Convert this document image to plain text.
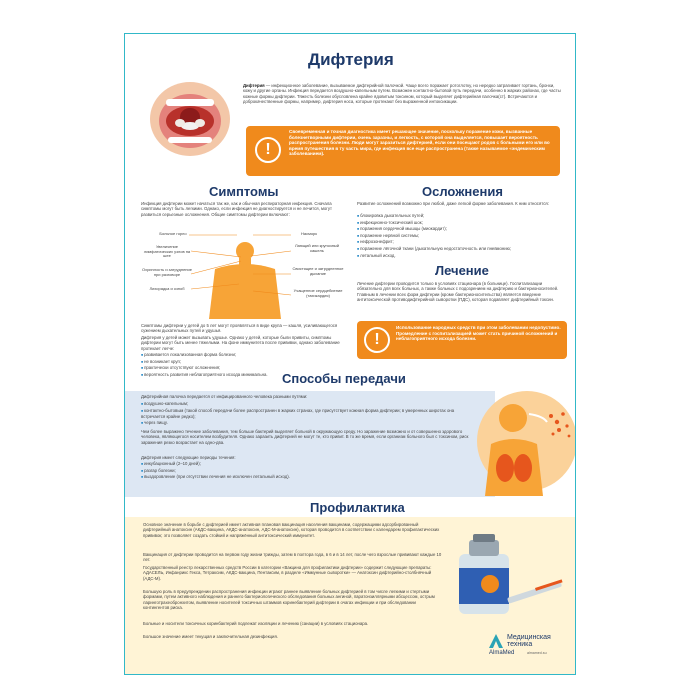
Дифтерия
Дифтерия — инфекционное заболевание, вызываемое дифтерийной палочкой. Чаще всего поражает ротоглотку, но нередко затрагивает гортань, бронхи, кожу и другие органы. Инфекция передается воздушно-капельным путем. Возможен контактно-бытовой путь передачи, особенно в жарких районах, где часты кожные формы дифтерии. Тяжесть болезни обусловлена крайне ядовитым токсином, который выделяет дифтерийная палочка(ст). Встречаются и доброкачественные формы, например, дифтерия носа, которые протекают без выраженной интоксикации.
!
Своевременная и точная диагностика имеет решающее значение, поскольку поражение кожи, вызванные болезнетворными дифтерии, очень заразны, и легкость, с которой она выделяется, повышает вероятность распространения болезни. Люди могут заразиться дифтерией, если они посещают родов с больными его или во время путешествия в ту часть мира, где инфекция все еще распространена (также называемое «эндемическим заболеванием).
Симптомы
Инфекция дифтерии может начаться так же, как и обычная респираторная инфекция. Сначала симптомы могут быть легкими. Однако, если инфекция не диагностируется и не лечится, могут развиться серьезные осложнения. Общие симптомы дифтерии включают:
Больное горло
Увеличение лимфатических узлов на шее
Охриплость и затруднение при разговоре
Лихорадка и озноб
Насморк
Лающий или крупозный кашель
Свистящее и затрудненное дыхание
Учащенное сердцебиение (тахикардия)
Симптомы дифтерии у детей до 5 лет могут проявляться в виде крупа — кашля, усиливающегося сужением дыхательных путей и удушья.
Дифтерия у детей может вызывать удушье. Однако у детей, которые были привиты, симптомы дифтерии могут быть менее тяжелыми. На фоне иммунитета после прививки, однако заболевание протекает легче:
■ развивается локализованная форма болезни;
■ не возникает круп;
■ практически отсутствуют осложнения;
■ вероятность развития неблагоприятного исхода минимальна.
Осложнения
Развитие осложнений возможно при любой, даже легкой форме заболевания. К ним относятся:
■ блокировка дыхательных путей;
■ инфекционно-токсический шок;
■ поражения сердечной мышцы (миокардит);
■ поражение нервной системы;
■ нефрозонефрит;
■ поражение лёгочной ткани (дыхательную недостаточность или пневмонию;
■ летальный исход.
Лечение
Лечение дифтерии проводится только в условиях стационара (в больнице). Госпитализации обязательно для всех больных, а также больных с подозрением на дифтерию и бактерионосителей. Главным в лечении всех форм дифтерии (кроме бактерионосительства) является введение антитоксической противодифтерийной сыворотки (ПДС), которая подавляет дифтерийный токсин.
!
Использование народных средств при этом заболевании недопустимо. Промедление с госпитализацией может стать причиной осложнений и неблагоприятного исхода болезни.
Способы передачи
Дифтерийная палочка передается от инфицированного человека разными путями:
■ воздушно-капельным;
■ контактно-бытовым (такой способ передачи более распространен в жарких странах, где присутствует кожная форма дифтерии; в умеренных широтах она встречается крайне редко);
■ через пищу.
Чем более выражено течение заболевания, тем больше бактерий выделяет больной в окружающую среду. Но заражение возможно и от совершенно здорового человека, являющегося носителем возбудителя. Однако заразить дифтерией не могут те, кто привит. В то же время, если организм больного был с токсином, риск заражения резко возрастает на одно-два.
Дифтерия имеет следующие периоды течения:
■ инкубационный (2–10 дней);
■ разгар болезни;
■ выздоровление (при отсутствии лечения не исключен летальный исход).
Профилактика
Основное значение в борьбе с дифтерией имеет активная плановая вакцинация населения вакцинами, содержащими адсорбированный дифтерийный анатоксин (АКДС-вакцина, АКДС-анатоксин, АДС-М-анатоксин), которая проводится в соответствии с календарем профилактических прививок; это позволяет создать стойкий и напряжённый антитоксический иммунитет.
Вакцинация от дифтерии проводится на первом году жизни трижды, затем в полтора года, в 6 и в 14 лет, после чего взрослые прививают каждые 10 лет.
Государственный реестр лекарственных средств России в категории «Вакцина для профилактики дифтерии» содержит следующие препараты: АДАСЕЛЬ, Инфанрикс Гекса, Тетраксим, АКДС-вакцина, Пентаксим, в разделе «Иммунные сыворотки» — Анатоксин дифтерийно-столбнячный (АДС-М).
Большую роль в предупреждении распространения инфекции играют раннее выявление больных дифтерией в том числе легкими и стертыми формами, путем активного наблюдения и раннего бактериологического обследования больных ангиной, паратонзиллярными абсцессом, острым ларинготрахеобронхитом, выявление носителей токсичных штаммов коринебактерий дифтерии в очагах инфекции и при обследовании контингентов риска.
Больные и носители токсичных коринбактерий подлежат изоляции и лечению (санации) в условиях стационара.
Большое значение имеет текущая и заключительная дезинфекция.	Медицинская
техника
AlmaMed	almamed.su
